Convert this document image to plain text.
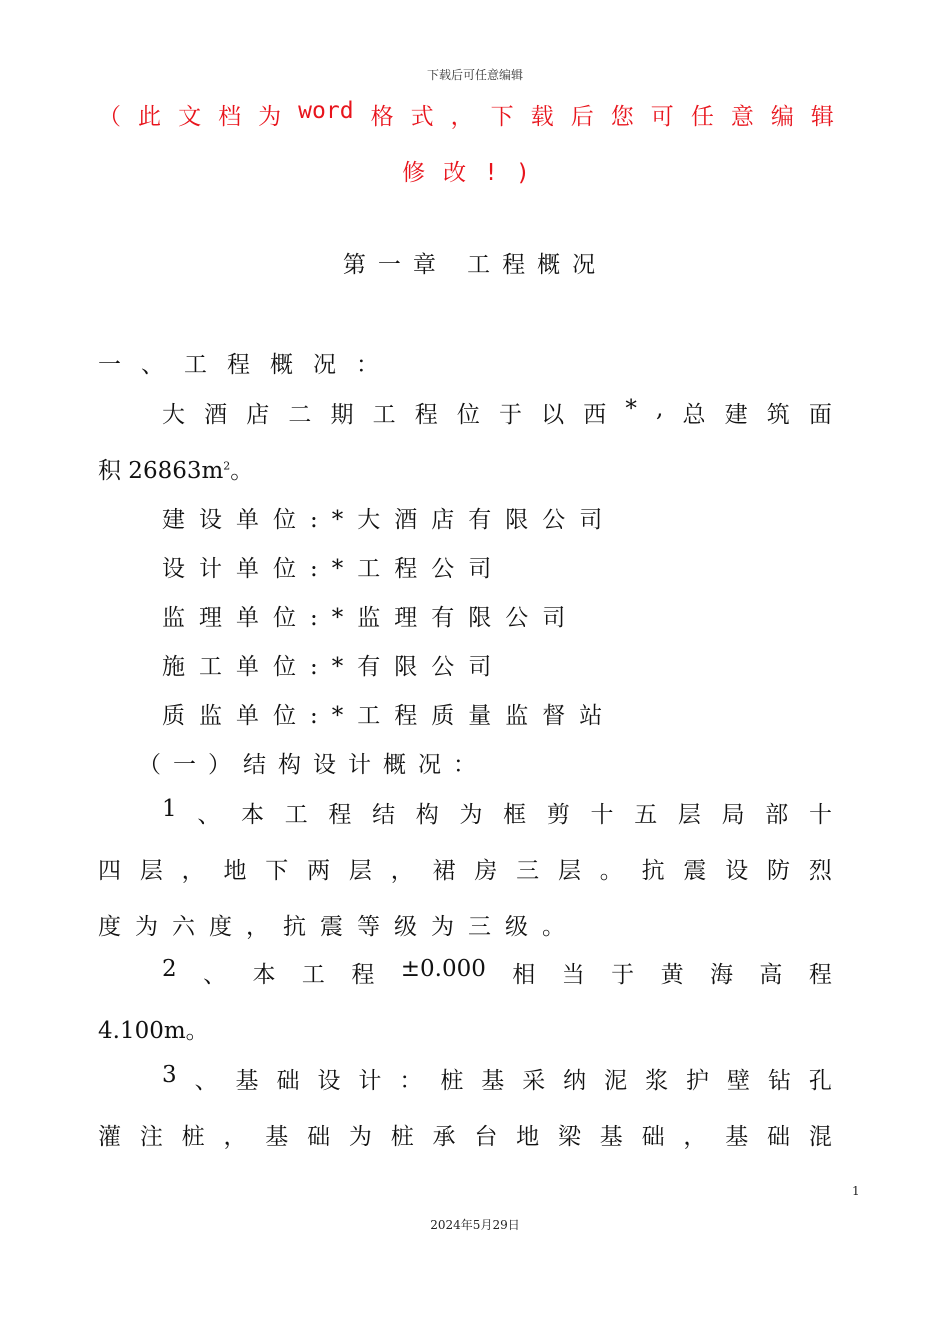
下载后可任意编辑
（ 此 文 档 为 word 格 式 ， 下 载 后 您 可 任 意 编 辑
修改!)
第一章 工程概况
一、工程概况：
大 酒 店 二 期 工 程 位 于 以 西 * , 总 建 筑 面
积 $26863m^2$。
建设单位:*大酒店有限公司
设计单位:*工程公司
监理单位:*监理有限公司
施工单位:*有限公司
质监单位:*工程质量监督站
（一）结构设计概况：
1 、 本 工 程 结 构 为 框 剪 十 五 层 局 部 十
四 层 ， 地 下 两 层 ， 裙 房 三 层 。 抗 震 设 防 烈
度为六度，抗震等级为三级。
2 、 本 工 程 ±0.000 相 当 于 黄 海 高 程
4.100m。
3 、 基 础 设 计 ： 桩 基 采 纳 泥 浆 护 壁 钻 孔
灌 注 桩 ， 基 础 为 桩 承 台 地 梁 基 础 ， 基 础 混
1
2024年5月29日
